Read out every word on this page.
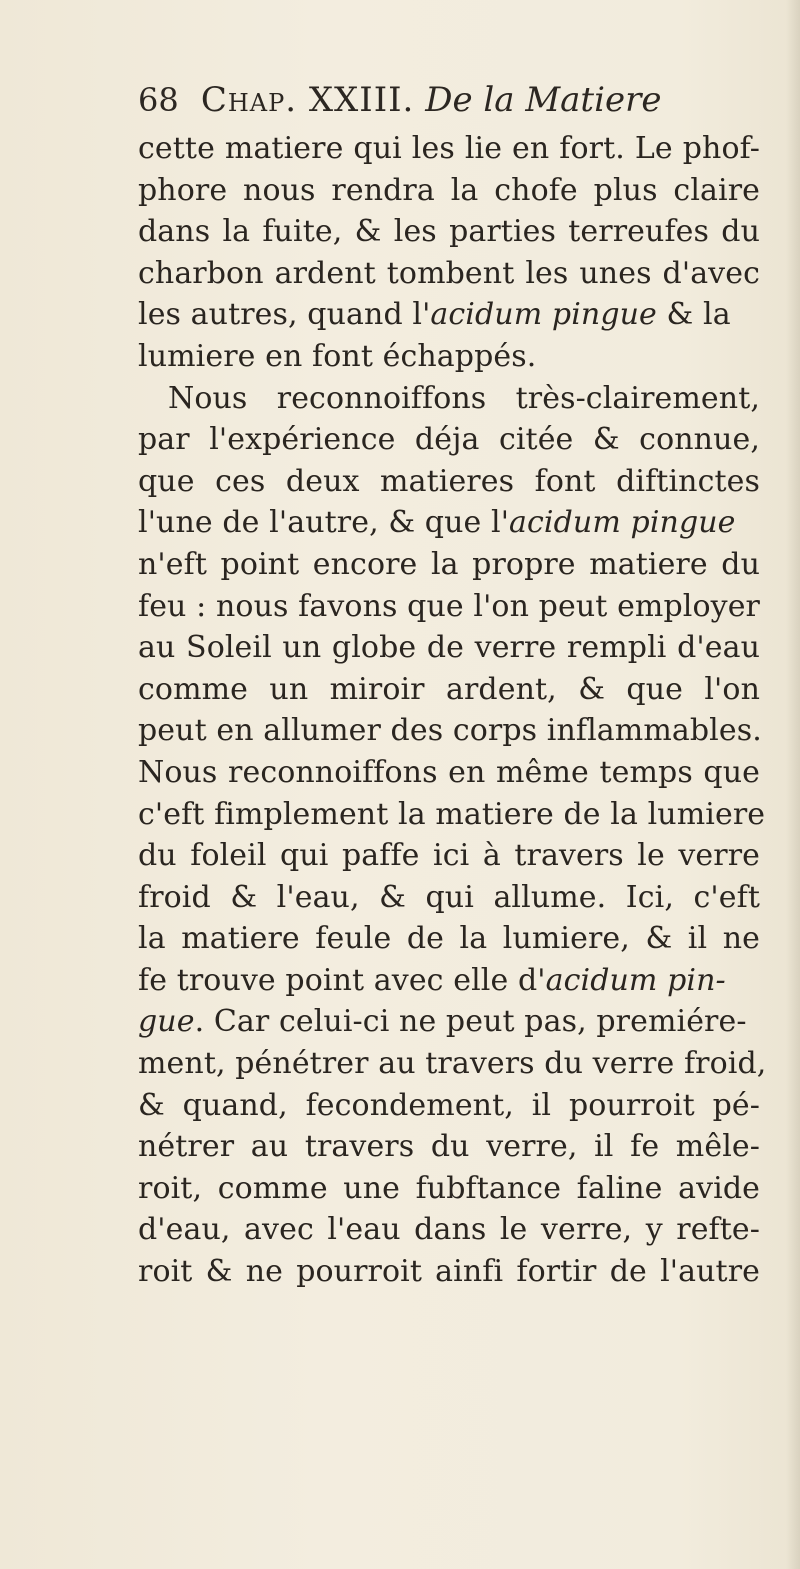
68 Chap. XXIII. De la Matiere
cette matiere qui les lie en fort. Le phof-
phore nous rendra la chofe plus claire
dans la fuite, & les parties terreufes du
charbon ardent tombent les unes d'avec
les autres, quand l'acidum pingue & la
lumiere en font échappés.
Nous reconnoiffons très-clairement,
par l'expérience déja citée & connue,
que ces deux matieres font diftinctes
l'une de l'autre, & que l'acidum pingue
n'eft point encore la propre matiere du
feu : nous favons que l'on peut employer
au Soleil un globe de verre rempli d'eau
comme un miroir ardent, & que l'on
peut en allumer des corps inflammables.
Nous reconnoiffons en même temps que
c'eft fimplement la matiere de la lumiere
du foleil qui paffe ici à travers le verre
froid & l'eau, & qui allume. Ici, c'eft
la matiere feule de la lumiere, & il ne
fe trouve point avec elle d'acidum pin-
gue. Car celui-ci ne peut pas, premiére-
ment, pénétrer au travers du verre froid,
& quand, fecondement, il pourroit pé-
nétrer au travers du verre, il fe mêle-
roit, comme une fubftance faline avide
d'eau, avec l'eau dans le verre, y refte-
roit & ne pourroit ainfi fortir de l'autre
